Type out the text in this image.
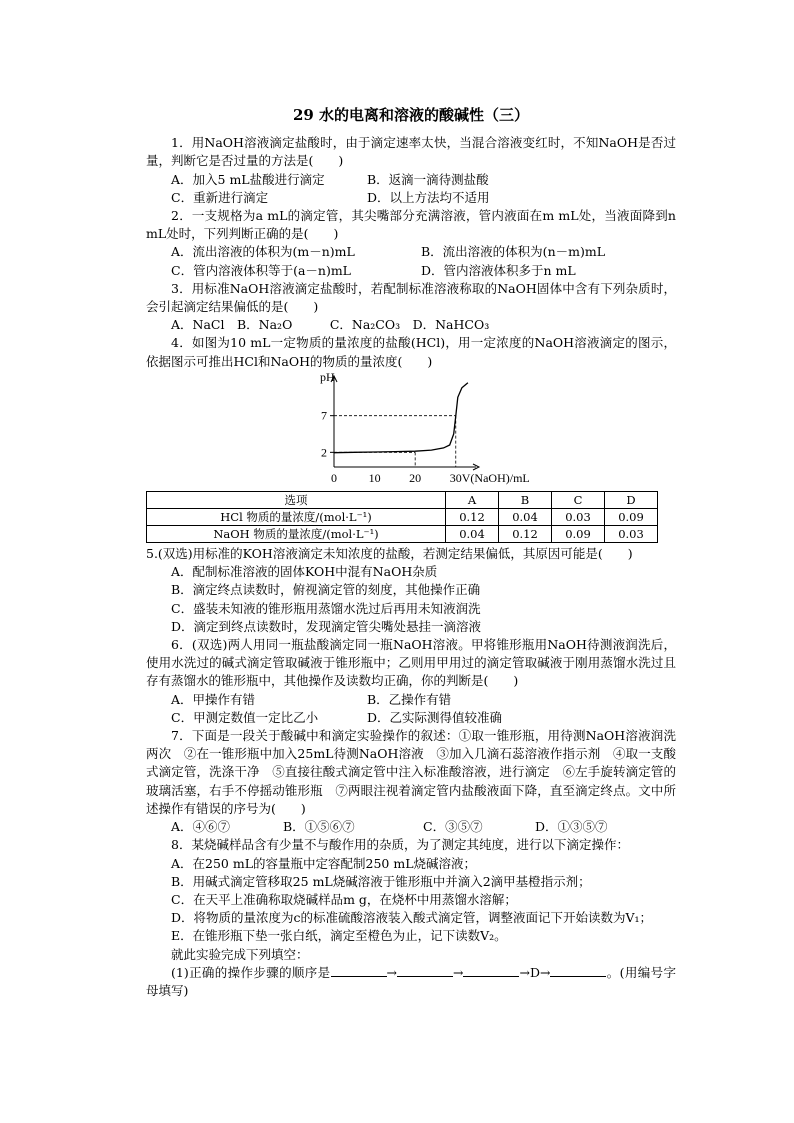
29 水的电离和溶液的酸碱性（三）

1．用NaOH溶液滴定盐酸时，由于滴定速率太快，当混合溶液变红时，不知NaOH是否过量，判断它是否过量的方法是(　　)

A．加入5 mL盐酸进行滴定	B．返滴一滴待测盐酸
C．重新进行滴定	D．以上方法均不适用

2．一支规格为a mL的滴定管，其尖嘴部分充满溶液，管内液面在m mL处，当液面降到n mL处时，下列判断正确的是(　　)

A．流出溶液的体积为(m－n)mL	B．流出溶液的体积为(n－m)mL
C．管内溶液体积等于(a－n)mL	D．管内溶液体积多于n mL

3．用标准NaOH溶液滴定盐酸时，若配制标准溶液称取的NaOH固体中含有下列杂质时，会引起滴定结果偏低的是(　　)

A．NaCl　B．Na₂O　　　C．Na₂CO₃　D．NaHCO₃

4．如图为10 mL一定物质的量浓度的盐酸(HCl)，用一定浓度的NaOH溶液滴定的图示，依据图示可推出HCl和NaOH的物质的量浓度(　　)

pH
V(NaOH)/mL
7
2
0	10 20 30
选项	A	B	C	D
HCl 物质的量浓度/(mol·L⁻¹)	0.12	0.04	0.03	0.09
NaOH 物质的量浓度/(mol·L⁻¹)	0.04	0.12	0.09	0.03

5.(双选)用标准的KOH溶液滴定未知浓度的盐酸，若测定结果偏低，其原因可能是(　　)

A．配制标准溶液的固体KOH中混有NaOH杂质

B．滴定终点读数时，俯视滴定管的刻度，其他操作正确

C．盛装未知液的锥形瓶用蒸馏水洗过后再用未知液润洗

D．滴定到终点读数时，发现滴定管尖嘴处悬挂一滴溶液

6．(双选)两人用同一瓶盐酸滴定同一瓶NaOH溶液。甲将锥形瓶用NaOH待测液润洗后，使用水洗过的碱式滴定管取碱液于锥形瓶中；乙则用甲用过的滴定管取碱液于刚用蒸馏水洗过且存有蒸馏水的锥形瓶中，其他操作及读数均正确，你的判断是(　　)

A．甲操作有错	B．乙操作有错
C．甲测定数值一定比乙小	D．乙实际测得值较准确

7．下面是一段关于酸碱中和滴定实验操作的叙述：①取一锥形瓶，用待测NaOH溶液润洗两次　②在一锥形瓶中加入25mL待测NaOH溶液　③加入几滴石蕊溶液作指示剂　④取一支酸式滴定管，洗涤干净　⑤直接往酸式滴定管中注入标准酸溶液，进行滴定　⑥左手旋转滴定管的玻璃活塞，右手不停摇动锥形瓶　⑦两眼注视着滴定管内盐酸液面下降，直至滴定终点。文中所述操作有错误的序号为(　　)

A．④⑥⑦	B．①⑤⑥⑦	C．③⑤⑦	D．①③⑤⑦

8．某烧碱样品含有少量不与酸作用的杂质，为了测定其纯度，进行以下滴定操作：

A．在250 mL的容量瓶中定容配制250 mL烧碱溶液；

B．用碱式滴定管移取25 mL烧碱溶液于锥形瓶中并滴入2滴甲基橙指示剂；

C．在天平上准确称取烧碱样品m g，在烧杯中用蒸馏水溶解；

D．将物质的量浓度为c的标准硫酸溶液装入酸式滴定管，调整液面记下开始读数为V₁；

E．在锥形瓶下垫一张白纸，滴定至橙色为止，记下读数V₂。

就此实验完成下列填空：

(1)正确的操作步骤的顺序是	→	→	→D→	。(用编号字母填写)
